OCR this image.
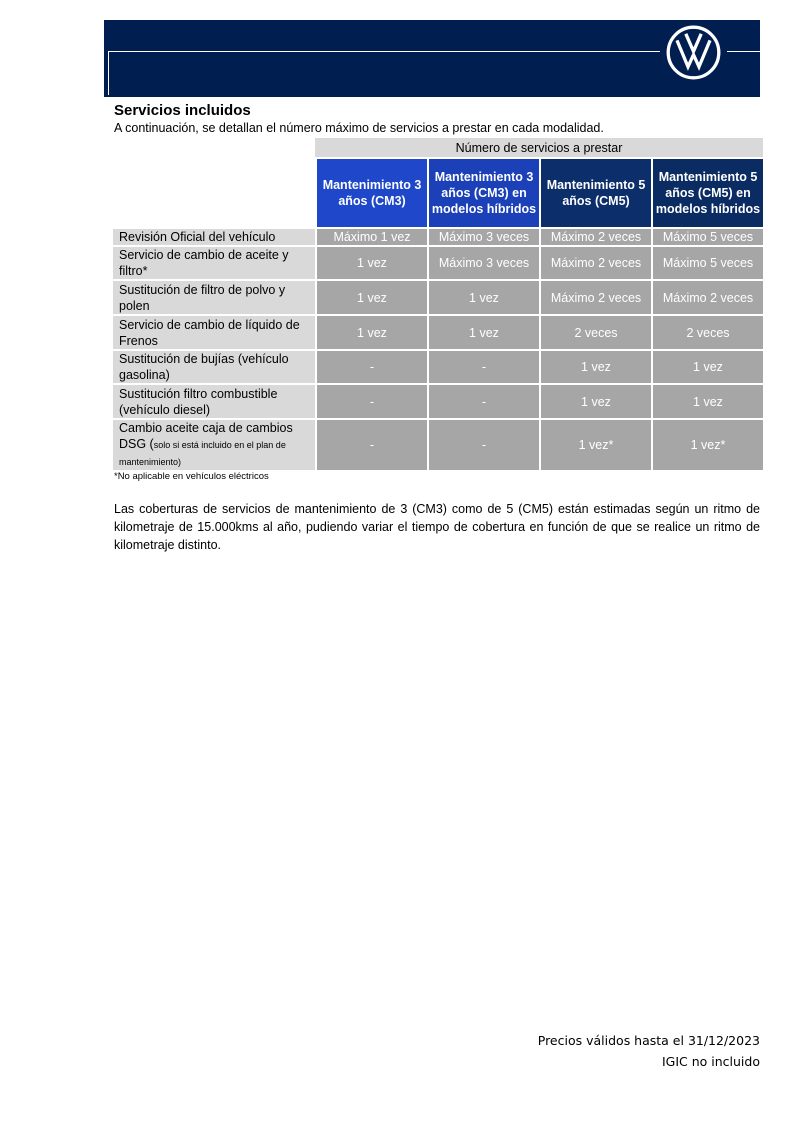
Servicios incluidos

A continuación, se detallan el número máximo de servicios a prestar en cada modalidad.

	Número de servicios a prestar			
	Mantenimiento 3 años (CM3)	Mantenimiento 3 años (CM3) en modelos híbridos	Mantenimiento 5 años (CM5)	Mantenimiento 5 años (CM5) en modelos híbridos
Revisión Oficial del vehículo	Máximo 1 vez	Máximo 3 veces	Máximo 2 veces	Máximo 5 veces
Servicio de cambio de aceite y filtro*	1 vez	Máximo 3 veces	Máximo 2 veces	Máximo 5 veces
Sustitución de filtro de polvo y polen	1 vez	1 vez	Máximo 2 veces	Máximo 2 veces
Servicio de cambio de líquido de Frenos	1 vez	1 vez	2 veces	2 veces
Sustitución de bujías (vehículo gasolina)	-	-	1 vez	1 vez
Sustitución filtro combustible (vehículo diesel)	-	-	1 vez	1 vez
Cambio aceite caja de cambios DSG (solo si está incluido en el plan de mantenimiento)	-	-	1 vez*	1 vez*

*No aplicable en vehículos eléctricos

Las coberturas de servicios de mantenimiento de 3 (CM3) como de 5 (CM5) están estimadas según un ritmo de kilometraje de 15.000kms al año, pudiendo variar el tiempo de cobertura en función de que se realice un ritmo de kilometraje distinto.

Precios válidos hasta el 31/12/2023
IGIC no incluido
